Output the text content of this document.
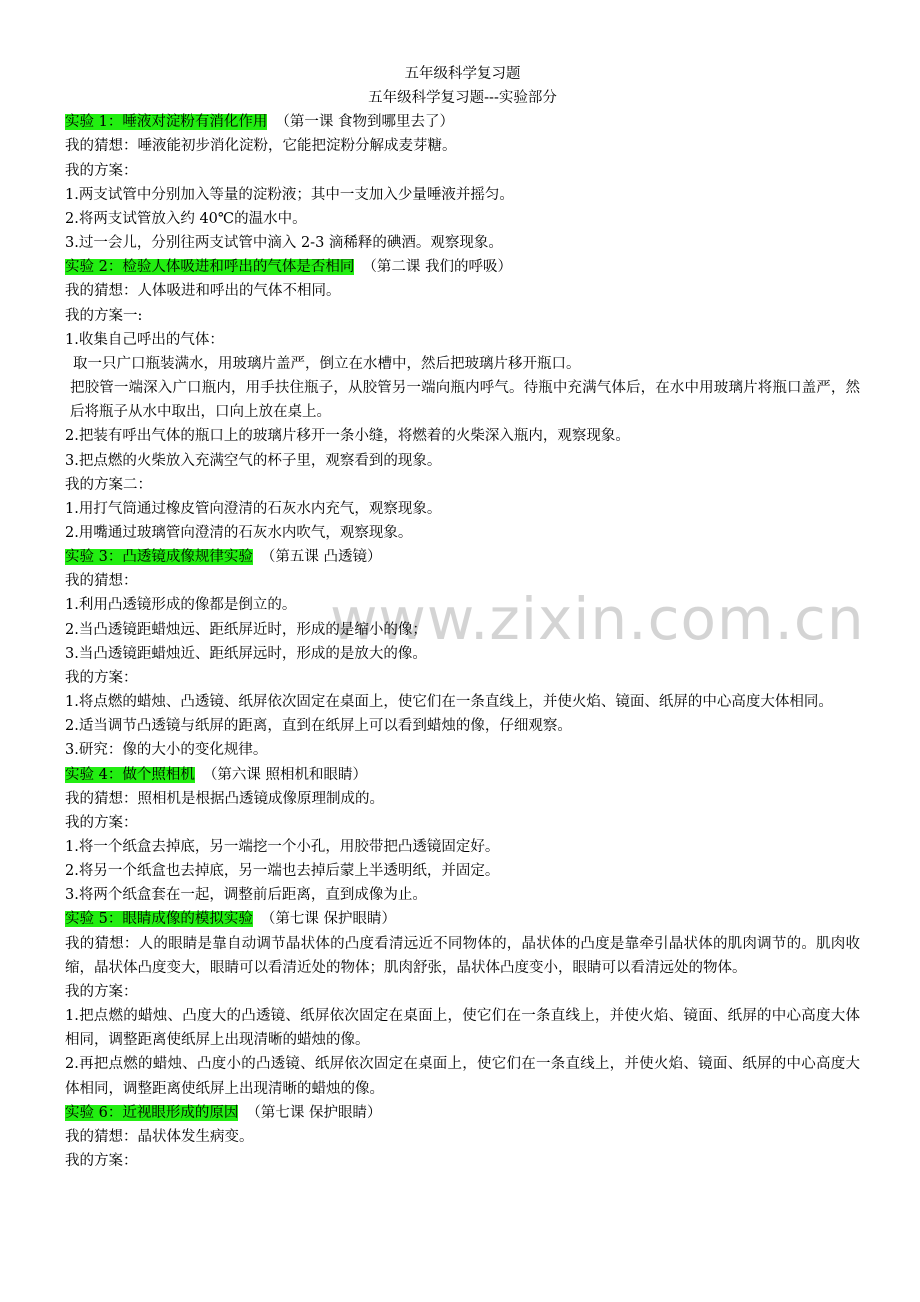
www.zixin.com.cn
五年级科学复习题
五年级科学复习题---实验部分
实验 1：唾液对淀粉有消化作用 （第一课 食物到哪里去了）
我的猜想：唾液能初步消化淀粉，它能把淀粉分解成麦芽糖。
我的方案：
1.两支试管中分别加入等量的淀粉液；其中一支加入少量唾液并摇匀。
2.将两支试管放入约 40℃的温水中。
3.过一会儿，分别往两支试管中滴入 2-3 滴稀释的碘酒。观察现象。
实验 2：检验人体吸进和呼出的气体是否相同 （第二课 我们的呼吸）
我的猜想：人体吸进和呼出的气体不相同。
我的方案一:
1.收集自己呼出的气体：
取一只广口瓶装满水，用玻璃片盖严，倒立在水槽中，然后把玻璃片移开瓶口。
把胶管一端深入广口瓶内，用手扶住瓶子，从胶管另一端向瓶内呼气。待瓶中充满气体后，在水中用玻璃片将瓶口盖严，然后将瓶子从水中取出，口向上放在桌上。
2.把装有呼出气体的瓶口上的玻璃片移开一条小缝，将燃着的火柴深入瓶内，观察现象。
3.把点燃的火柴放入充满空气的杯子里，观察看到的现象。
我的方案二：
1.用打气筒通过橡皮管向澄清的石灰水内充气，观察现象。
2.用嘴通过玻璃管向澄清的石灰水内吹气，观察现象。
实验 3：凸透镜成像规律实验 （第五课 凸透镜）
我的猜想：
1.利用凸透镜形成的像都是倒立的。
2.当凸透镜距蜡烛远、距纸屏近时，形成的是缩小的像；
3.当凸透镜距蜡烛近、距纸屏远时，形成的是放大的像。
我的方案：
1.将点燃的蜡烛、凸透镜、纸屏依次固定在桌面上，使它们在一条直线上，并使火焰、镜面、纸屏的中心高度大体相同。
2.适当调节凸透镜与纸屏的距离，直到在纸屏上可以看到蜡烛的像，仔细观察。
3.研究：像的大小的变化规律。
实验 4：做个照相机 （第六课 照相机和眼睛）
我的猜想：照相机是根据凸透镜成像原理制成的。
我的方案：
1.将一个纸盒去掉底，另一端挖一个小孔，用胶带把凸透镜固定好。
2.将另一个纸盒也去掉底，另一端也去掉后蒙上半透明纸，并固定。
3.将两个纸盒套在一起，调整前后距离，直到成像为止。
实验 5：眼睛成像的模拟实验 （第七课 保护眼睛）
我的猜想：人的眼睛是靠自动调节晶状体的凸度看清远近不同物体的，晶状体的凸度是靠牵引晶状体的肌肉调节的。肌肉收缩，晶状体凸度变大，眼睛可以看清近处的物体；肌肉舒张，晶状体凸度变小，眼睛可以看清远处的物体。
我的方案：
1.把点燃的蜡烛、凸度大的凸透镜、纸屏依次固定在桌面上，使它们在一条直线上，并使火焰、镜面、纸屏的中心高度大体相同，调整距离使纸屏上出现清晰的蜡烛的像。
2.再把点燃的蜡烛、凸度小的凸透镜、纸屏依次固定在桌面上，使它们在一条直线上，并使火焰、镜面、纸屏的中心高度大体相同，调整距离使纸屏上出现清晰的蜡烛的像。
实验 6：近视眼形成的原因 （第七课 保护眼睛）
我的猜想：晶状体发生病变。
我的方案：
